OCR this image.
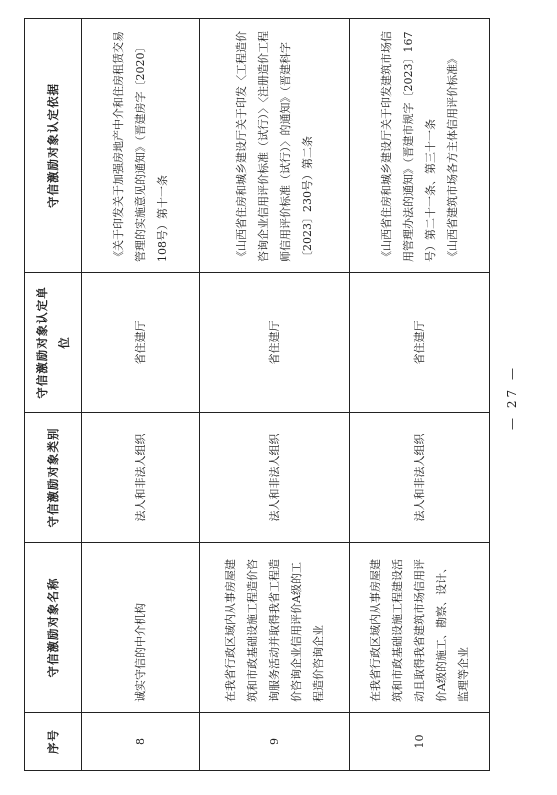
序号	守信激励对象名称	守信激励对象类别	守信激励对象认定单位	守信激励对象认定依据
8	诚实守信的中介机构	法人和非法人组织	省住建厅	《关于印发关于加强房地产中介和住房租赁交易管理的实施意见的通知》（晋建房字〔2020〕108号）第十一条
9	在我省行政区域内从事房屋建筑和市政基础设施工程造价咨询服务活动并取得我省工程造价咨询企业信用评价A级的工程造价咨询企业	法人和非法人组织	省住建厅	《山西省住房和城乡建设厅关于印发〈工程造价咨询企业信用评价标准（试行）〉〈注册造价工程师信用评价标准（试行）〉的通知》（晋建科字〔2023〕230号）第二条
10	在我省行政区域内从事房屋建筑和市政基础设施工程建设活动且取得我省建筑市场信用评价A级的施工、勘察、设计、监理等企业	法人和非法人组织	省住建厅	《山西省住房和城乡建设厅关于印发建筑市场信用管理办法的通知》（晋建市规字〔2023〕167号）第二十一条、第三十一条
《山西省建筑市场各方主体信用评价标准》
— 27 —
